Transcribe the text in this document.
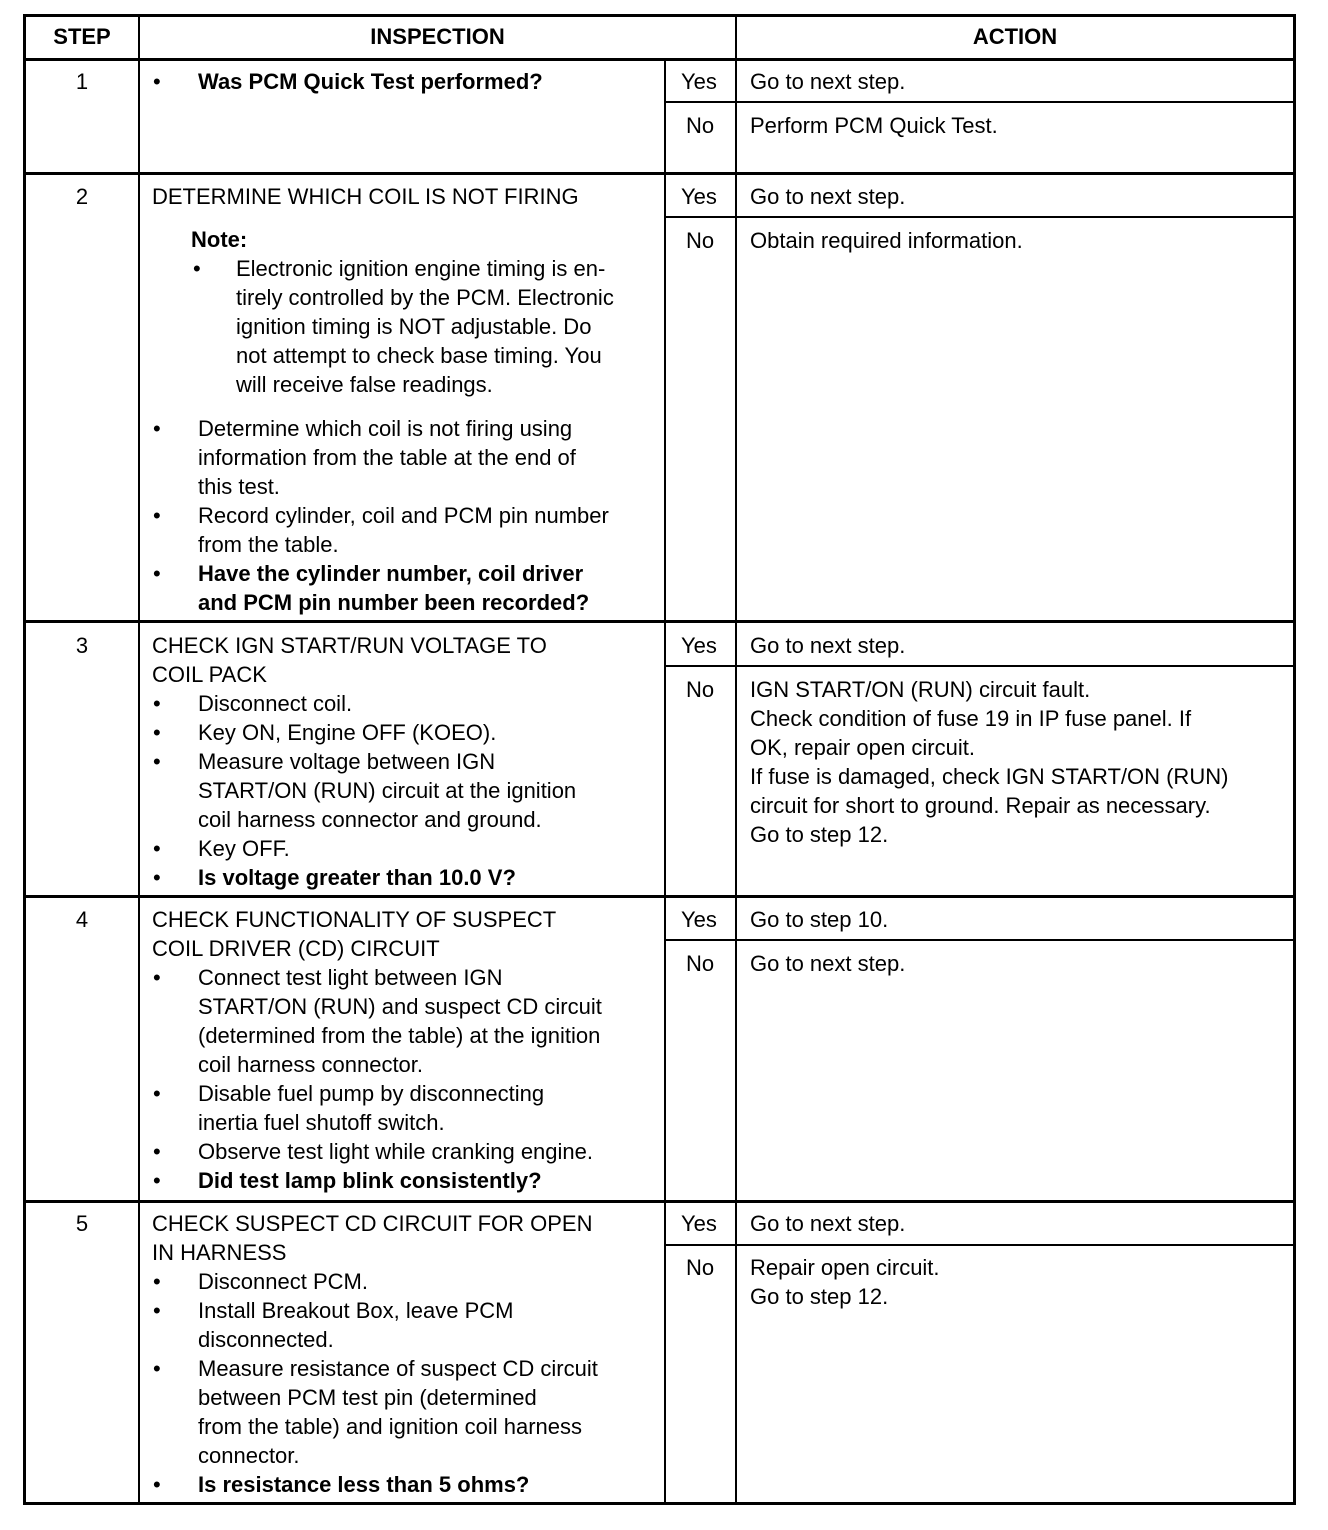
STEP	INSPECTION	ACTION
1	• Was PCM Quick Test performed?	Yes Go to next step.
No Perform PCM Quick Test.
2	DETERMINE WHICH COIL IS NOT FIRING
Note:
• Electronic ignition engine timing is en-
tirely controlled by the PCM. Electronic
ignition timing is NOT adjustable. Do
not attempt to check base timing. You
will receive false readings.
• Determine which coil is not firing using
information from the table at the end of
this test.
• Record cylinder, coil and PCM pin number
from the table.
• Have the cylinder number, coil driver
and PCM pin number been recorded?
Yes Go to next step.
No Obtain required information.
3	CHECK IGN START/RUN VOLTAGE TO
COIL PACK
• Disconnect coil.
• Key ON, Engine OFF (KOEO).
• Measure voltage between IGN
START/ON (RUN) circuit at the ignition
coil harness connector and ground.
• Key OFF.
• Is voltage greater than 10.0 V?
Yes Go to next step.
No IGN START/ON (RUN) circuit fault.
Check condition of fuse 19 in IP fuse panel. If
OK, repair open circuit.
If fuse is damaged, check IGN START/ON (RUN)
circuit for short to ground. Repair as necessary.
Go to step 12.
4	CHECK FUNCTIONALITY OF SUSPECT
COIL DRIVER (CD) CIRCUIT
• Connect test light between IGN
START/ON (RUN) and suspect CD circuit
(determined from the table) at the ignition
coil harness connector.
• Disable fuel pump by disconnecting
inertia fuel shutoff switch.
• Observe test light while cranking engine.
• Did test lamp blink consistently?
Yes Go to step 10.
No Go to next step.
5	CHECK SUSPECT CD CIRCUIT FOR OPEN
IN HARNESS
• Disconnect PCM.
• Install Breakout Box, leave PCM
disconnected.
• Measure resistance of suspect CD circuit
between PCM test pin (determined
from the table) and ignition coil harness
connector.
• Is resistance less than 5 ohms?
Yes Go to next step.
No Repair open circuit.
Go to step 12.
